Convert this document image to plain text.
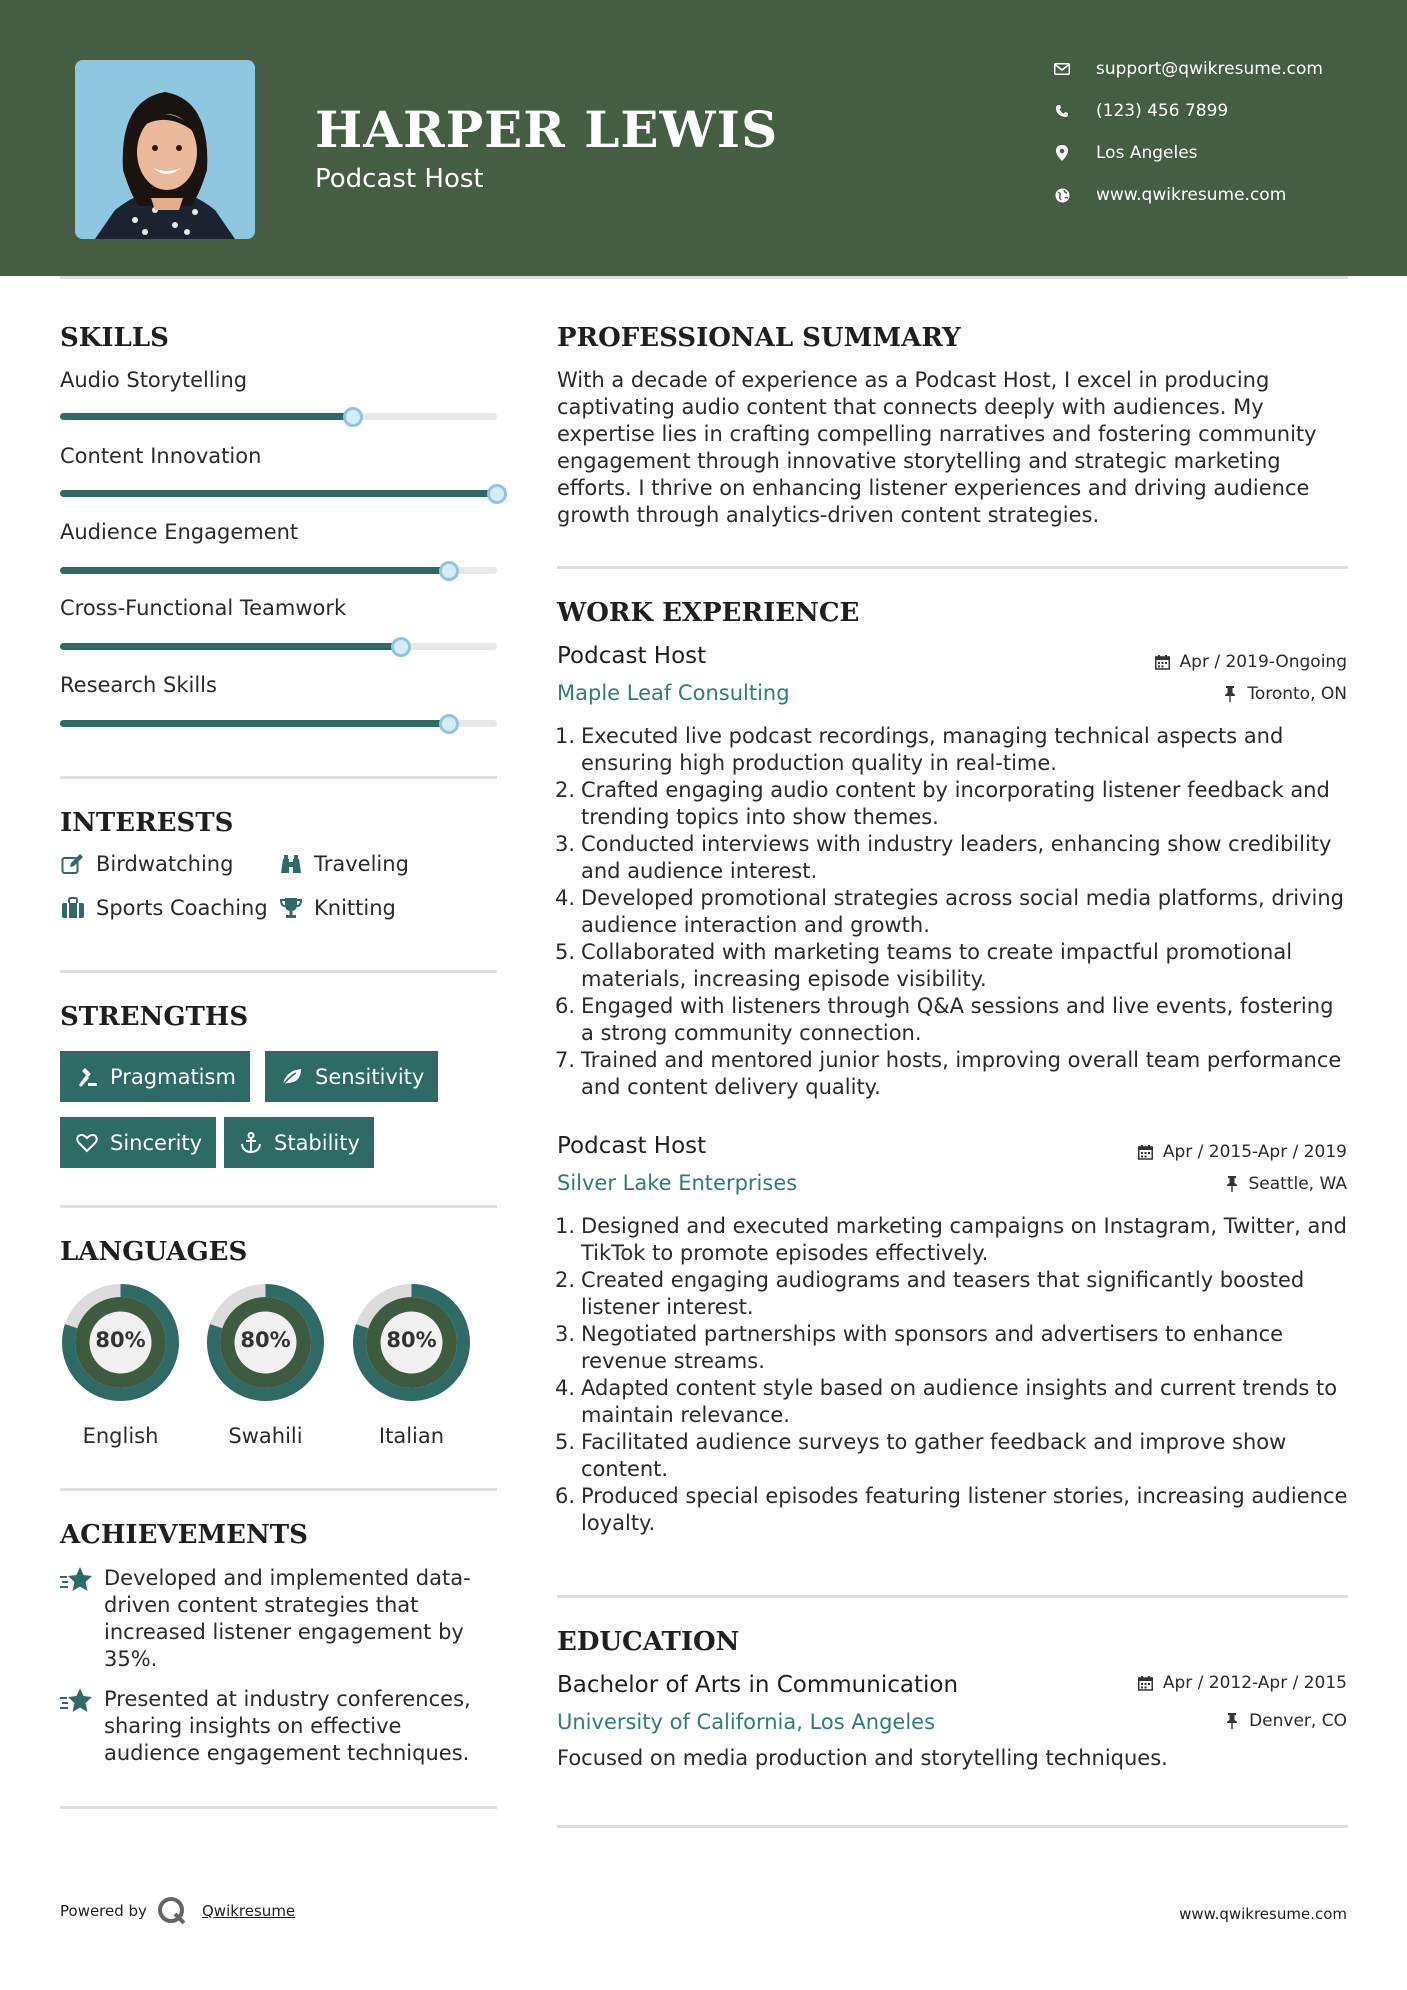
HARPER LEWIS
Podcast Host
support@qwikresume.com
(123) 456 7899
Los Angeles
www.qwikresume.com
SKILLS
Audio Storytelling
Content Innovation
Audience Engagement
Cross-Functional Teamwork
Research Skills
INTERESTS
Birdwatching	Traveling
Sports Coaching Knitting
STRENGTHS
Pragmatism	Sensitivity
Sincerity	Stability
LANGUAGES
80%
English
80%
Swahili
80%
Italian
ACHIEVEMENTS
Developed and implemented data-driven content strategies that increased listener engagement by 35%.
Presented at industry conferences, sharing insights on effective audience engagement techniques.
PROFESSIONAL SUMMARY
With a decade of experience as a Podcast Host, I excel in producing captivating audio content that connects deeply with audiences. My expertise lies in crafting compelling narratives and fostering community engagement through innovative storytelling and strategic marketing efforts. I thrive on enhancing listener experiences and driving audience growth through analytics-driven content strategies.
WORK EXPERIENCE
Podcast Host	Apr / 2019-Ongoing
Maple Leaf Consulting	Toronto, ON
1. Executed live podcast recordings, managing technical aspects and ensuring high production quality in real-time.
2. Crafted engaging audio content by incorporating listener feedback and trending topics into show themes.
3. Conducted interviews with industry leaders, enhancing show credibility and audience interest.
4. Developed promotional strategies across social media platforms, driving audience interaction and growth.
5. Collaborated with marketing teams to create impactful promotional materials, increasing episode visibility.
6. Engaged with listeners through Q&A sessions and live events, fostering a strong community connection.
7. Trained and mentored junior hosts, improving overall team performance and content delivery quality.
Podcast Host	Apr / 2015-Apr / 2019
Silver Lake Enterprises	Seattle, WA
1. Designed and executed marketing campaigns on Instagram, Twitter, and TikTok to promote episodes effectively.
2. Created engaging audiograms and teasers that significantly boosted listener interest.
3. Negotiated partnerships with sponsors and advertisers to enhance revenue streams.
4. Adapted content style based on audience insights and current trends to maintain relevance.
5. Facilitated audience surveys to gather feedback and improve show content.
6. Produced special episodes featuring listener stories, increasing audience loyalty.
EDUCATION
Bachelor of Arts in Communication	Apr / 2012-Apr / 2015
University of California, Los Angeles	Denver, CO
Focused on media production and storytelling techniques.
Powered by	Qwikresume	www.qwikresume.com
